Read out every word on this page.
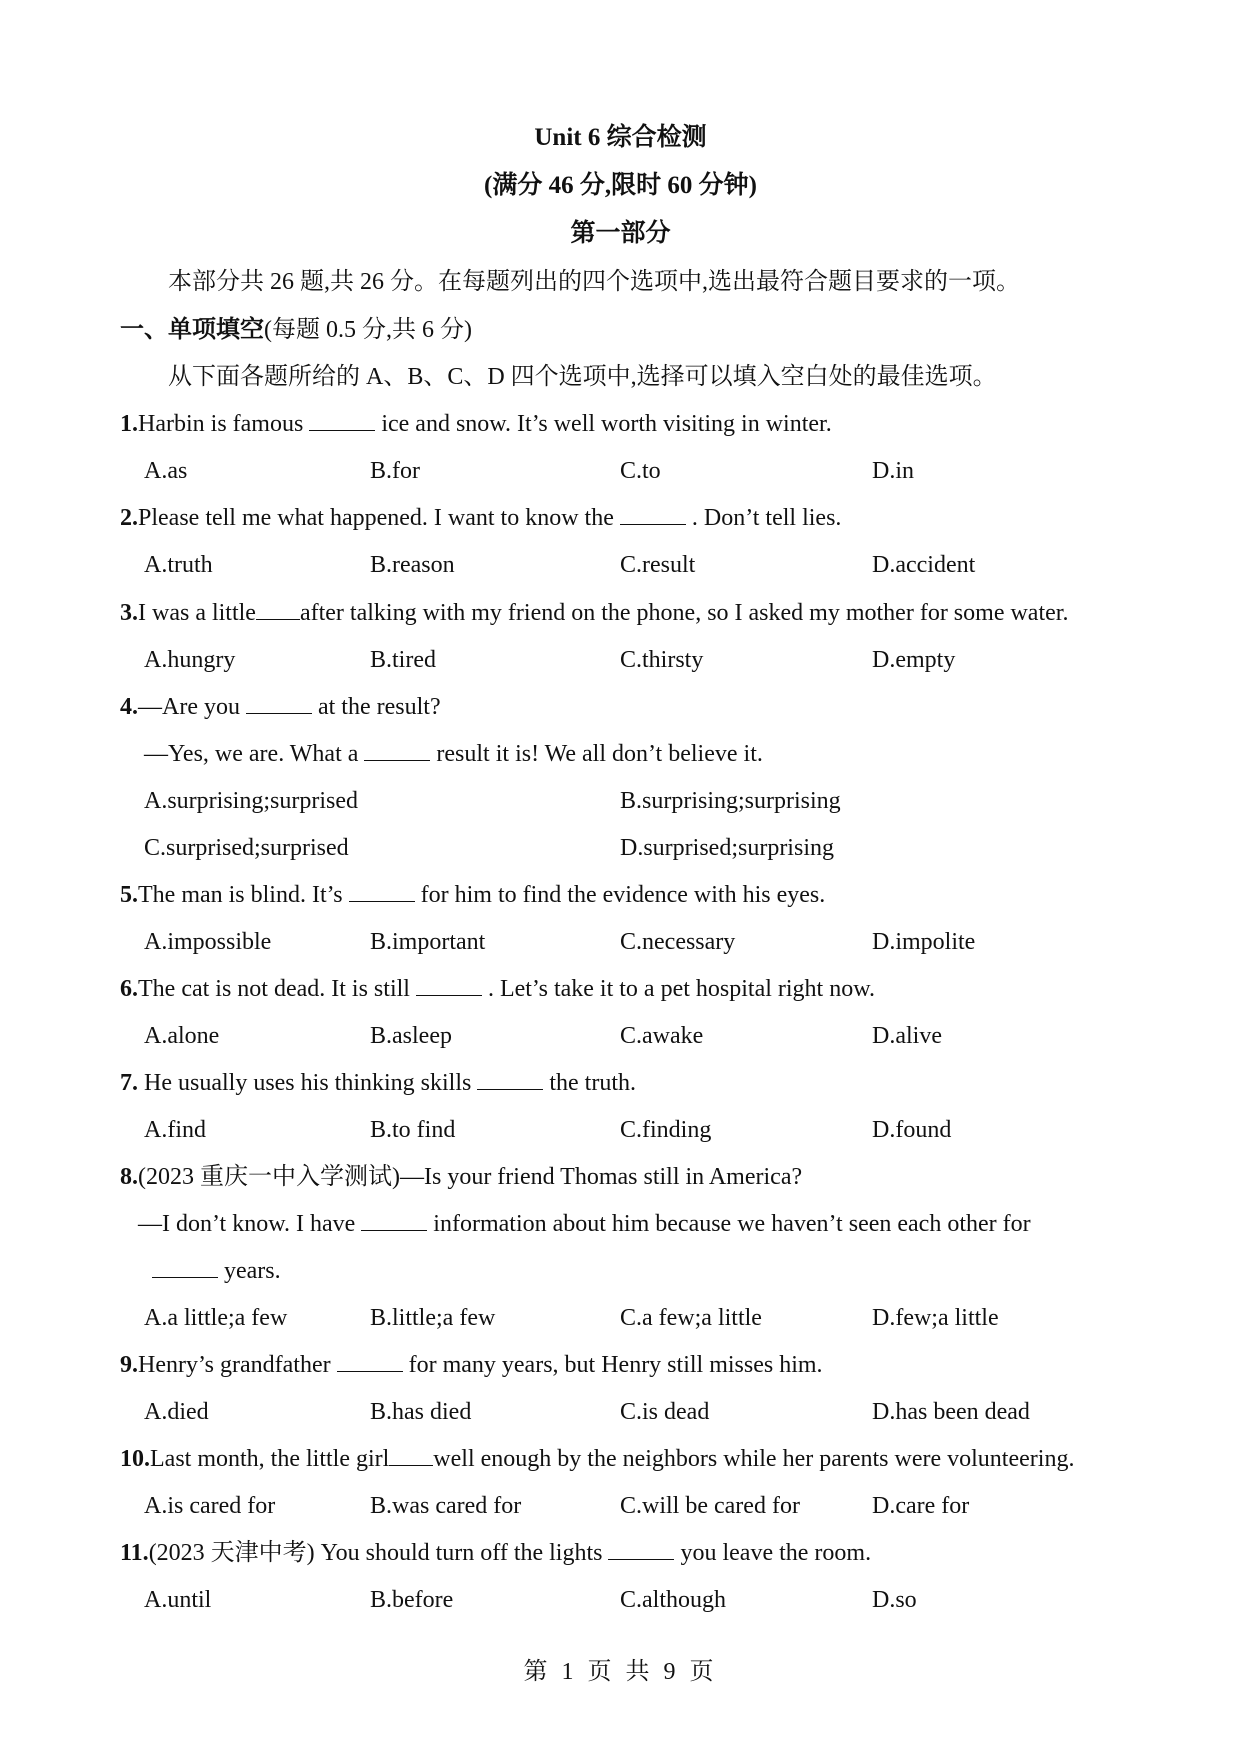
Unit 6 综合检测
(满分 46 分,限时 60 分钟)
第一部分
本部分共 26 题,共 26 分。在每题列出的四个选项中,选出最符合题目要求的一项。
一、单项填空(每题 0.5 分,共 6 分)
从下面各题所给的 A、B、C、D 四个选项中,选择可以填入空白处的最佳选项。
1.Harbin is famous	ice and snow. It’s well worth visiting in winter.
A.as	B.for	C.to	D.in
2.Please tell me what happened. I want to know the	. Don’t tell lies.
A.truth	B.reason	C.result	D.accident
3.I was a little after talking with my friend on the phone, so I asked my mother for some water.
A.hungry	B.tired	C.thirsty	D.empty
4.—Are you	at the result?
—Yes, we are. What a	result it is! We all don’t believe it.
A.surprising;surprised	B.surprising;surprising
C.surprised;surprised	D.surprised;surprising
5.The man is blind. It’s	for him to find the evidence with his eyes.
A.impossible	B.important	C.necessary	D.impolite
6.The cat is not dead. It is still	. Let’s take it to a pet hospital right now.
A.alone	B.asleep	C.awake	D.alive
7. He usually uses his thinking skills	the truth.
A.find	B.to find	C.finding	D.found
8.(2023 重庆一中入学测试)—Is your friend Thomas still in America?
—I don’t know. I have	information about him because we haven’t seen each other for
years.
A.a little;a few	B.little;a few	C.a few;a little	D.few;a little
9.Henry’s grandfather	for many years, but Henry still misses him.
A.died	B.has died	C.is dead	D.has been dead
10.Last month, the little girl well enough by the neighbors while her parents were volunteering.
A.is cared for	B.was cared for	C.will be cared for	D.care for
11.(2023 天津中考) You should turn off the lights	you leave the room.
A.until	B.before	C.although	D.so
第 1 页 共 9 页
